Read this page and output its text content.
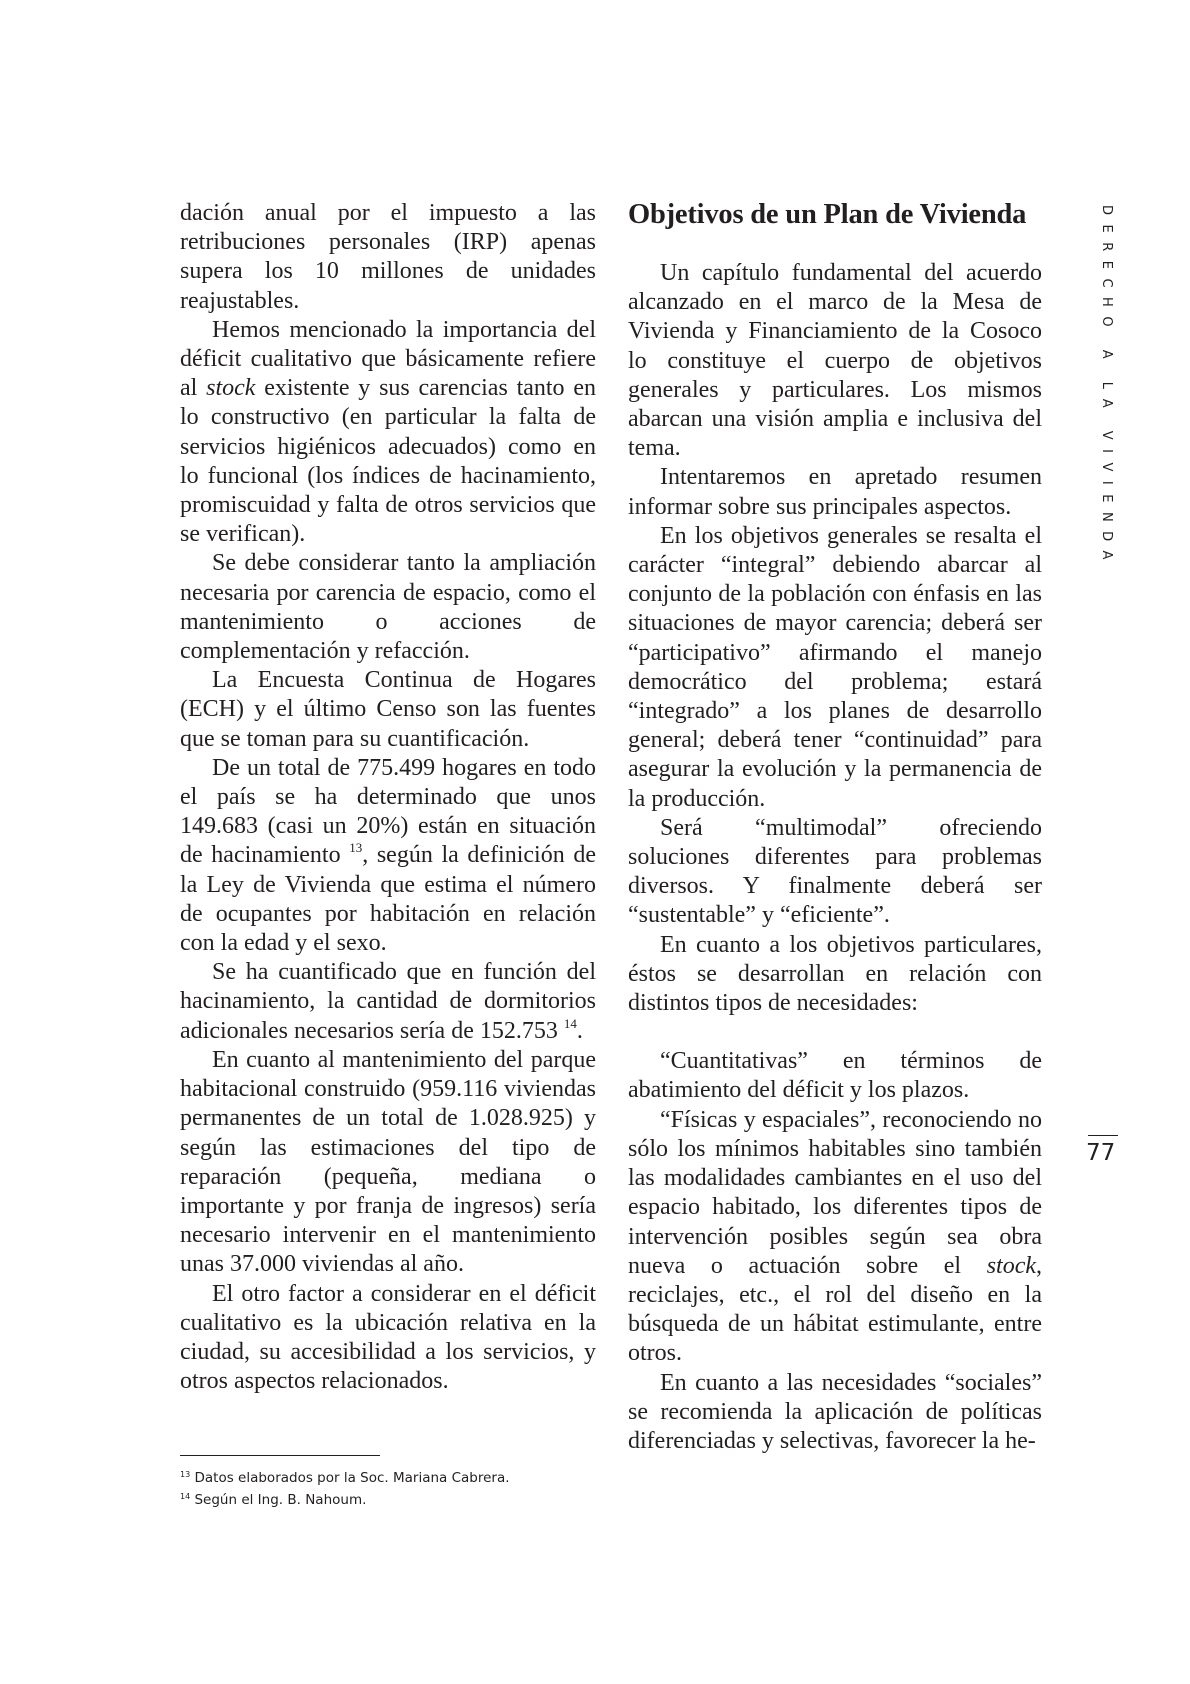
dación anual por el impuesto a las retribuciones personales (IRP) apenas supera los 10 millones de unidades reajustables.

Hemos mencionado la importancia del déficit cualitativo que básicamente refiere al stock existente y sus carencias tanto en lo constructivo (en particular la falta de servicios higiénicos adecuados) como en lo funcional (los índices de hacinamiento, promiscuidad y falta de otros servicios que se verifican).

Se debe considerar tanto la ampliación necesaria por carencia de espacio, como el mantenimiento o acciones de complementación y refacción.

La Encuesta Continua de Hogares (ECH) y el último Censo son las fuentes que se toman para su cuantificación.

De un total de 775.499 hogares en todo el país se ha determinado que unos 149.683 (casi un 20%) están en situación de hacinamiento $^{13}$, según la definición de la Ley de Vivienda que estima el número de ocupantes por habitación en relación con la edad y el sexo.

Se ha cuantificado que en función del hacinamiento, la cantidad de dormitorios adicionales necesarios sería de 152.753 $^{14}$.

En cuanto al mantenimiento del parque habitacional construido (959.116 viviendas permanentes de un total de 1.028.925) y según las estimaciones del tipo de reparación (pequeña, mediana o importante y por franja de ingresos) sería necesario intervenir en el mantenimiento unas 37.000 viviendas al año.

El otro factor a considerar en el déficit cualitativo es la ubicación relativa en la ciudad, su accesibilidad a los servicios, y otros aspectos relacionados.

Objetivos de un Plan de Vivienda

Un capítulo fundamental del acuerdo alcanzado en el marco de la Mesa de Vivienda y Financiamiento de la Cosoco lo constituye el cuerpo de objetivos generales y particulares. Los mismos abarcan una visión amplia e inclusiva del tema.

Intentaremos en apretado resumen informar sobre sus principales aspectos.

En los objetivos generales se resalta el carácter “integral” debiendo abarcar al conjunto de la población con énfasis en las situaciones de mayor carencia; deberá ser “participativo” afirmando el manejo democrático del problema; estará “integrado” a los planes de desarrollo general; deberá tener “continuidad” para asegurar la evolución y la permanencia de la producción.

Será “multimodal” ofreciendo soluciones diferentes para problemas diversos. Y finalmente deberá ser “sustentable” y “eficiente”.

En cuanto a los objetivos particulares, éstos se desarrollan en relación con distintos tipos de necesidades:

“Cuantitativas” en términos de abatimiento del déficit y los plazos.

“Físicas y espaciales”, reconociendo no sólo los mínimos habitables sino también las modalidades cambiantes en el uso del espacio habitado, los diferentes tipos de intervención posibles según sea obra nueva o actuación sobre el stock, reciclajes, etc., el rol del diseño en la búsqueda de un hábitat estimulante, entre otros.

En cuanto a las necesidades “sociales” se recomienda la aplicación de políticas diferenciadas y selectivas, favorecer la he-

DERECHO A LA VIVIENDA
77
$^{13}$ Datos elaborados por la Soc. Mariana Cabrera.
$^{14}$ Según el Ing. B. Nahoum.
